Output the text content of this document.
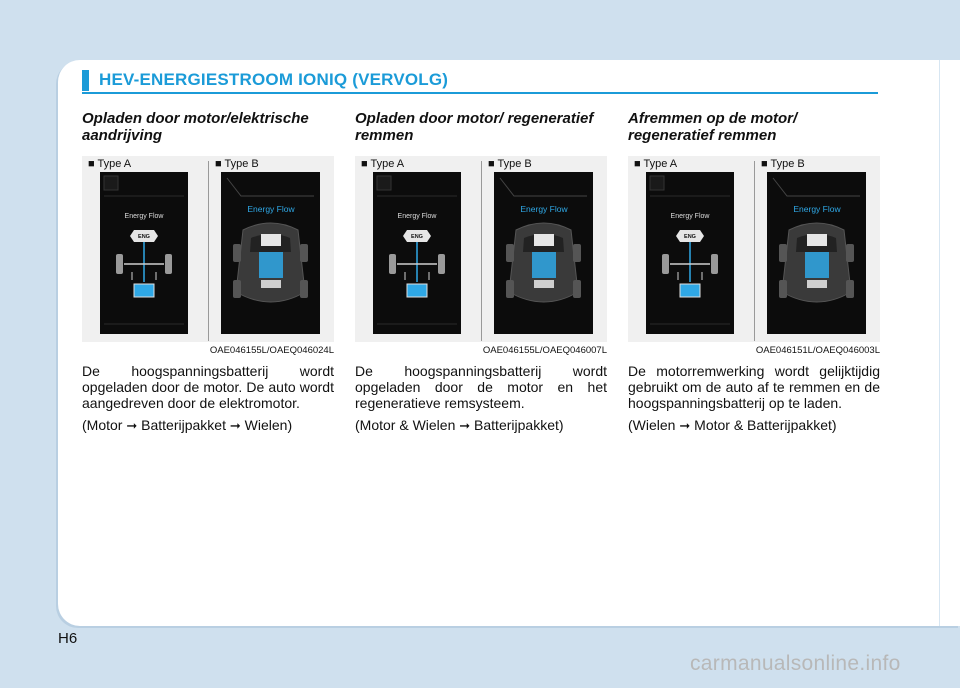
HEV-ENERGIESTROOM IONIQ (VERVOLG)
Opladen door motor/elektrische aandrijving
■ Type A	■ Type B
Energy Flow
ENG
Energy Flow
OAE046155L/OAEQ046024L

De hoogspanningsbatterij wordt opgeladen door de motor. De auto wordt aangedreven door de elektromotor.

(Motor ➞ Batterijpakket ➞ Wielen)

Opladen door motor/ regeneratief remmen
■ Type A	■ Type B
Energy Flow
ENG
Energy Flow
OAE046155L/OAEQ046007L

De hoogspanningsbatterij wordt opgeladen door de motor en het regeneratieve remsysteem.

(Motor & Wielen ➞ Batterijpakket)

Afremmen op de motor/ regeneratief remmen
■ Type A	■ Type B
Energy Flow
ENG
Energy Flow
OAE046151L/OAEQ046003L

De motorremwerking wordt gelijktijdig gebruikt om de auto af te remmen en de hoogspanningsbatterij op te laden.

(Wielen ➞ Motor & Batterijpakket)

H6
carmanualsonline.info
